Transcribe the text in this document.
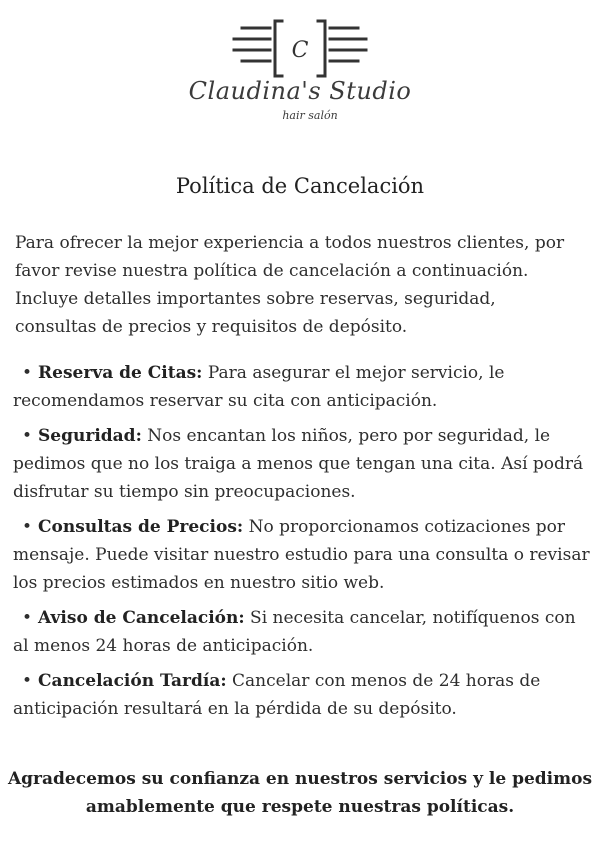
C
Claudina's Studio
hair salón
Política de Cancelación

Para ofrecer la mejor experiencia a todos nuestros clientes, por favor revise nuestra política de cancelación a continuación. Incluye detalles importantes sobre reservas, seguridad, consultas de precios y requisitos de depósito.

• Reserva de Citas: Para asegurar el mejor servicio, le recomendamos reservar su cita con anticipación.
• Seguridad: Nos encantan los niños, pero por seguridad, le pedimos que no los traiga a menos que tengan una cita. Así podrá disfrutar su tiempo sin preocupaciones.
• Consultas de Precios: No proporcionamos cotizaciones por mensaje. Puede visitar nuestro estudio para una consulta o revisar los precios estimados en nuestro sitio web.
• Aviso de Cancelación: Si necesita cancelar, notifíquenos con al menos 24 horas de anticipación.
• Cancelación Tardía: Cancelar con menos de 24 horas de anticipación resultará en la pérdida de su depósito.

Agradecemos su confianza en nuestros servicios y le pedimos amablemente que respete nuestras políticas.
